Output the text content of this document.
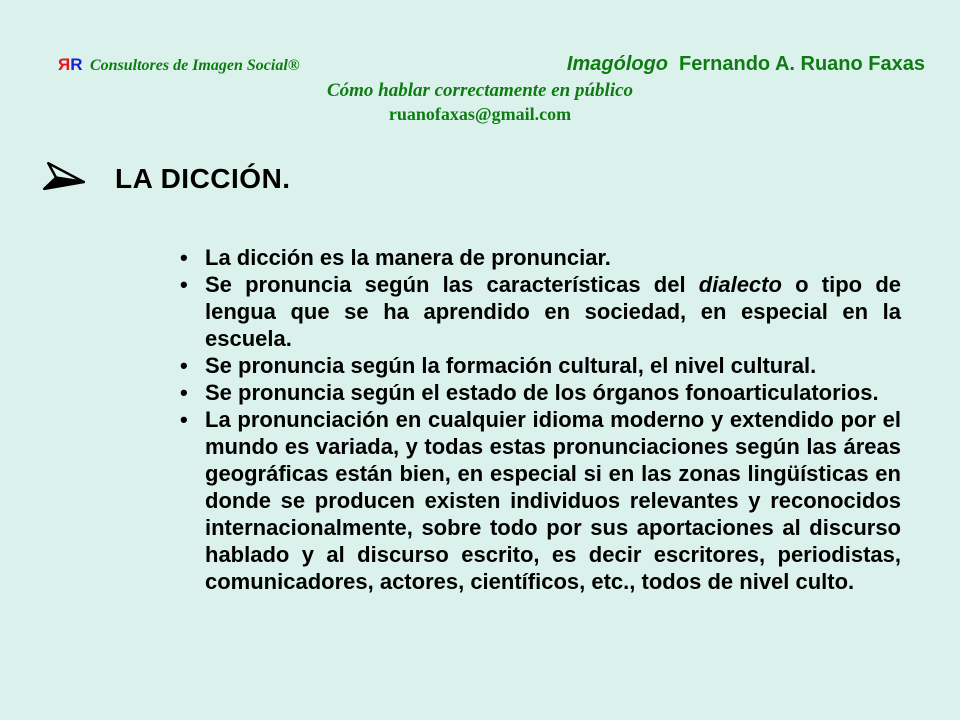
ЯR Consultores de Imagen Social®	Imagólogo Fernando A. Ruano Faxas
Cómo hablar correctamente en público
ruanofaxas@gmail.com
LA DICCIÓN.
• La dicción es la manera de pronunciar.
• Se pronuncia según las características del dialecto o tipo de lengua que se ha aprendido en sociedad, en especial en la escuela.
• Se pronuncia según la formación cultural, el nivel cultural.
• Se pronuncia según el estado de los órganos fonoarticulatorios.
• La pronunciación en cualquier idioma moderno y extendido por el mundo es variada, y todas estas pronunciaciones según las áreas geográficas están bien, en especial si en las zonas lingüísticas en donde se producen existen individuos relevantes y reconocidos internacionalmente, sobre todo por sus aportaciones al discurso hablado y al discurso escrito, es decir escritores, periodistas, comunicadores, actores, científicos, etc., todos de nivel culto.
